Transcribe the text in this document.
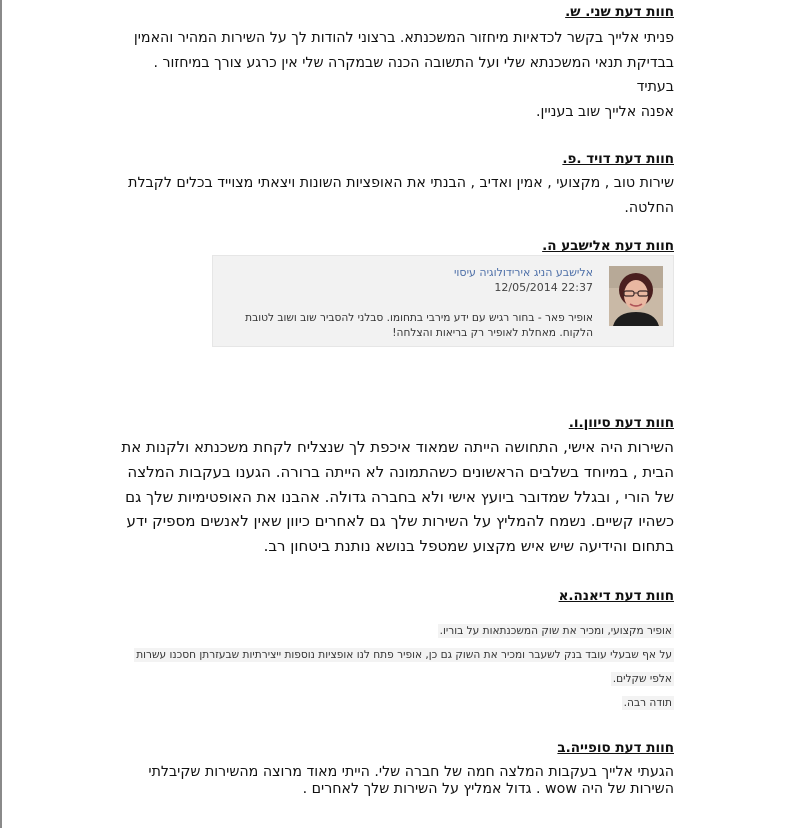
חוות דעת שני. ש.

פניתי אלייך בקשר לכדאיות מיחזור המשכנתא. ברצוני להודות לך על השירות המהיר והאמין

בבדיקת תנאי המשכנתא שלי ועל התשובה הכנה שבמקרה שלי אין כרגע צורך במיחזור . בעתיד

אפנה אלייך שוב בעניין.

חוות דעת דויד .פ.

שירות טוב , מקצועי , אמין ואדיב , הבנתי את האופציות השונות ויצאתי מצוייד בכלים לקבלת

החלטה.

חוות דעת אלישבע ה.

אלישבע הניג אירידולוגיה עיסוי
12/05/2014 22:37
אופיר פאר - בחור רגיש עם ידע מירבי בתחומו. סבלני להסביר שוב ושוב לטובת הלקוח. מאחלת לאופיר רק בריאות והצלחה!

חוות דעת סיוון.ו.

השירות היה אישי, התחושה הייתה שמאוד איכפת לך שנצליח לקחת משכנתא ולקנות את

הבית , במיוחד בשלבים הראשונים כשהתמונה לא הייתה ברורה. הגענו בעקבות המלצה

של הורי , ובגלל שמדובר ביועץ אישי ולא בחברה גדולה. אהבנו את האופטימיות שלך גם

כשהיו קשיים. נשמח להמליץ על השירות שלך גם לאחרים כיוון שאין לאנשים מספיק ידע

בתחום והידיעה שיש איש מקצוע שמטפל בנושא נותנת ביטחון רב.

חוות דעת דיאנה.א

אופיר מקצועי, ומכיר את שוק המשכנתאות על בוריו.
על אף שבעלי עובד בנק לשעבר ומכיר את השוק גם כן, אופיר פתח לנו אופציות נוספות ייצירתיות שבעזרתן חסכנו עשרות
אלפי שקלים.
תודה רבה.

חוות דעת סופייה.ב

הגעתי אלייך בעקבות המלצה חמה של חברה שלי. הייתי מאוד מרוצה מהשירות שקיבלתי

השירות של היה wow . גדול אמליץ על השירות שלך לאחרים .
